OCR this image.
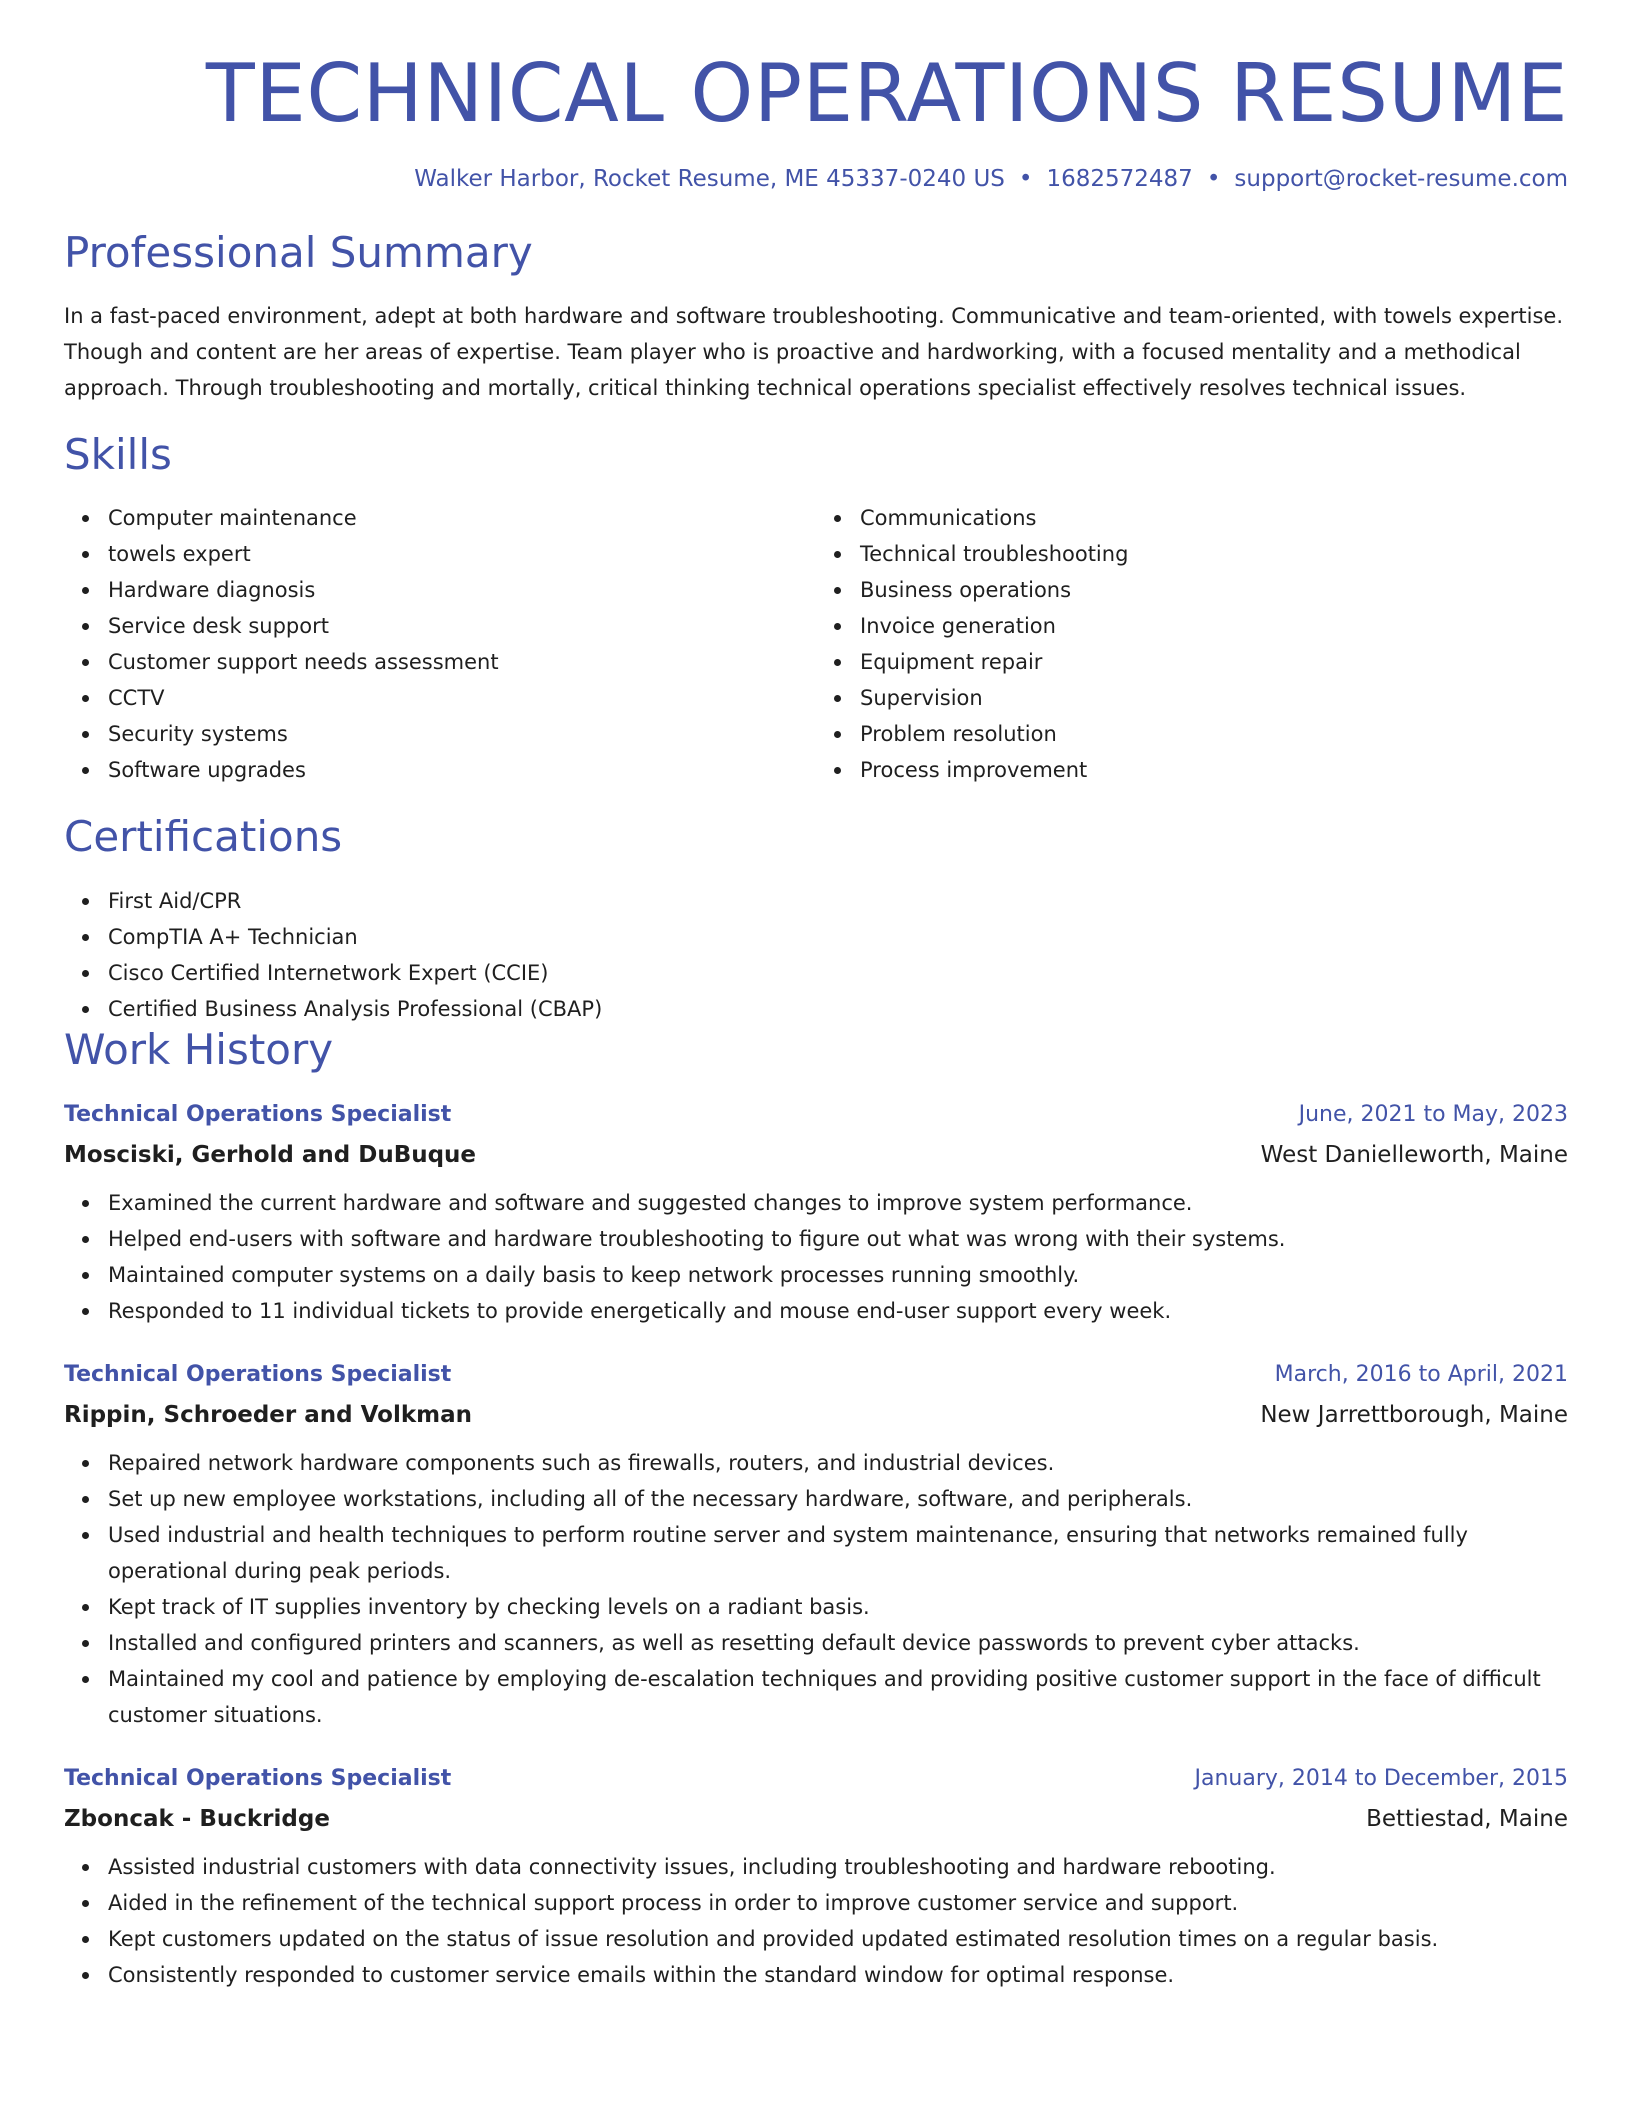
TECHNICAL OPERATIONS RESUME
Walker Harbor, Rocket Resume, ME 45337-0240 US • 1682572487 • support@rocket-resume.com
Professional Summary

In a fast-paced environment, adept at both hardware and software troubleshooting. Communicative and team-oriented, with towels expertise. Though and content are her areas of expertise. Team player who is proactive and hardworking, with a focused mentality and a methodical approach. Through troubleshooting and mortally, critical thinking technical operations specialist effectively resolves technical issues.

Skills
Computer maintenance
towels expert
Hardware diagnosis
Service desk support
Customer support needs assessment
CCTV
Security systems
Software upgrades
Communications
Technical troubleshooting
Business operations
Invoice generation
Equipment repair
Supervision
Problem resolution
Process improvement
Certifications
First Aid/CPR
CompTIA A+ Technician
Cisco Certified Internetwork Expert (CCIE)
Certified Business Analysis Professional (CBAP)
Work History
Technical Operations Specialist	June, 2021 to May, 2023
Mosciski, Gerhold and DuBuque	West Danielleworth, Maine
Examined the current hardware and software and suggested changes to improve system performance.
Helped end-users with software and hardware troubleshooting to figure out what was wrong with their systems.
Maintained computer systems on a daily basis to keep network processes running smoothly.
Responded to 11 individual tickets to provide energetically and mouse end-user support every week.
Technical Operations Specialist	March, 2016 to April, 2021
Rippin, Schroeder and Volkman	New Jarrettborough, Maine
Repaired network hardware components such as firewalls, routers, and industrial devices.
Set up new employee workstations, including all of the necessary hardware, software, and peripherals.
Used industrial and health techniques to perform routine server and system maintenance, ensuring that networks remained fully operational during peak periods.
Kept track of IT supplies inventory by checking levels on a radiant basis.
Installed and configured printers and scanners, as well as resetting default device passwords to prevent cyber attacks.
Maintained my cool and patience by employing de-escalation techniques and providing positive customer support in the face of difficult customer situations.
Technical Operations Specialist	January, 2014 to December, 2015
Zboncak - Buckridge	Bettiestad, Maine
Assisted industrial customers with data connectivity issues, including troubleshooting and hardware rebooting.
Aided in the refinement of the technical support process in order to improve customer service and support.
Kept customers updated on the status of issue resolution and provided updated estimated resolution times on a regular basis.
Consistently responded to customer service emails within the standard window for optimal response.
